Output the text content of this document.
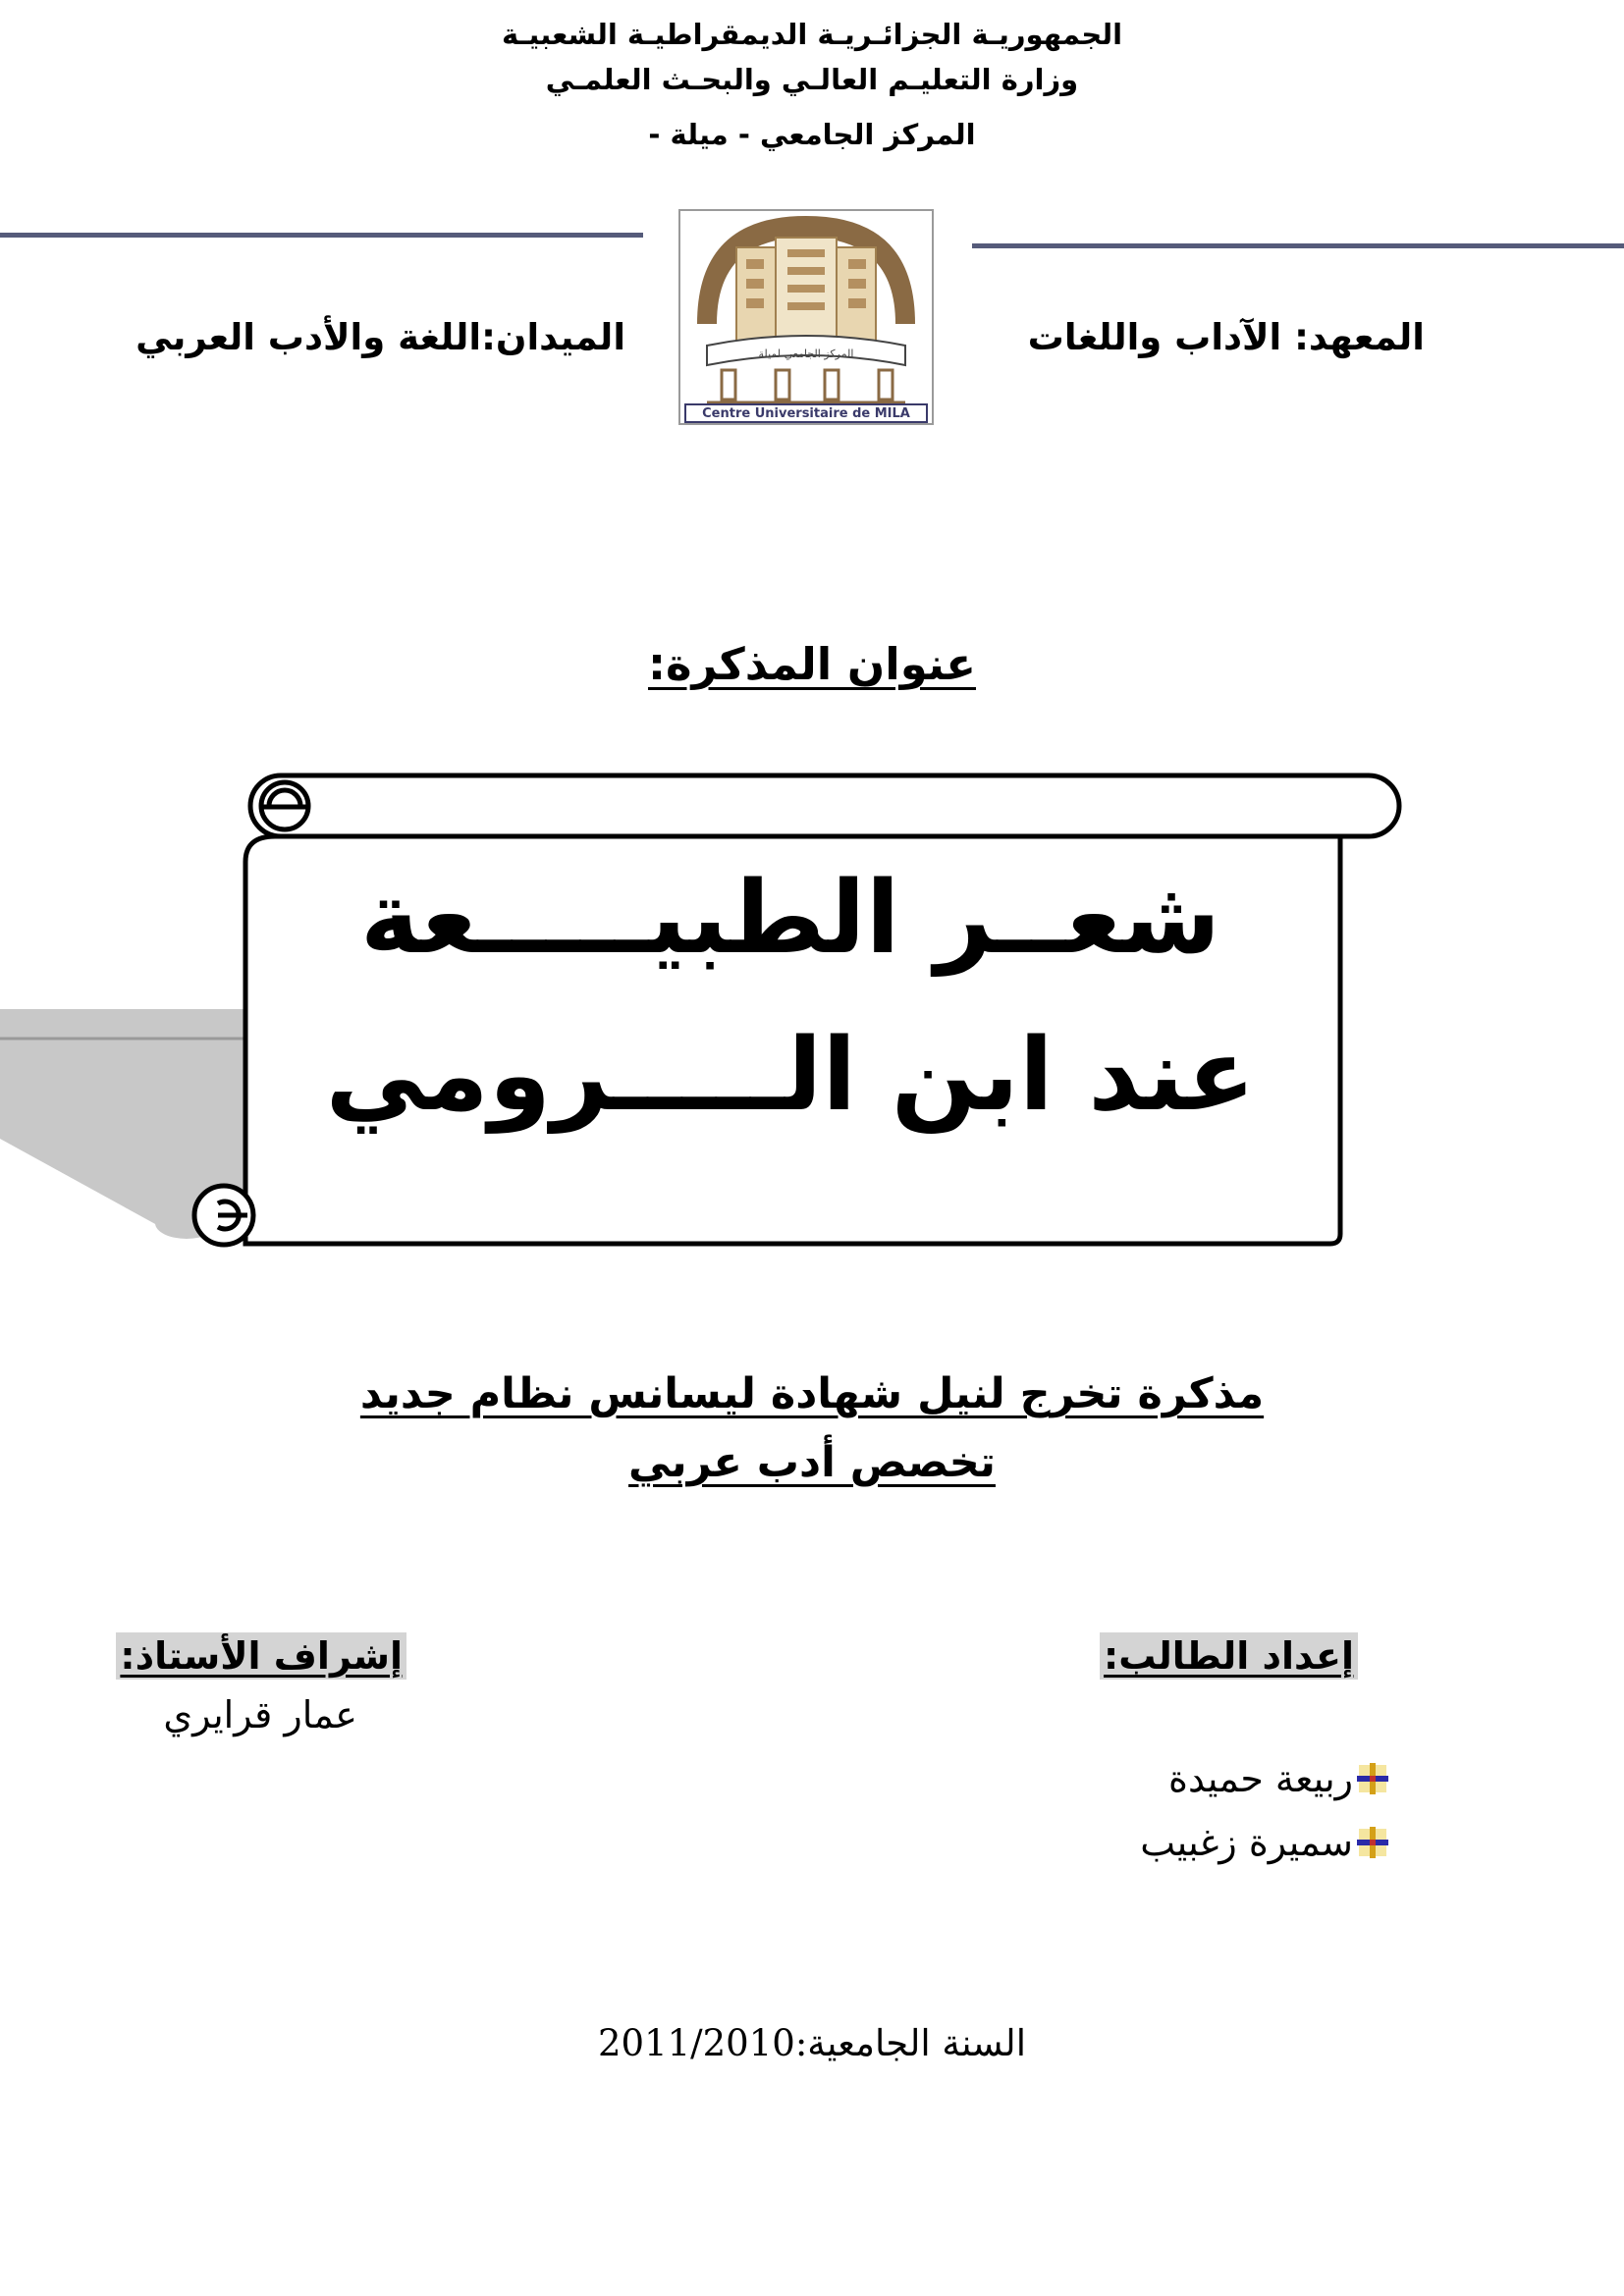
الجمهوريـة الجزائـريـة الديمقراطيـة الشعبيـة
وزارة التعليـم العالـي والبحـث العلمـي
المركز الجامعي - ميلة -
المركز الجامعي لميلة
Centre Universitaire de MILA
المعهد: الآداب واللغات
الميدان:اللغة والأدب العربي
عنوان المذكرة:
شعــر الطبيـــــعة
عند ابن الـــــرومي
مذكرة تخرج لنيل شهادة ليسانس نظام جديد
تخصص أدب عربي
إعداد الطالب:
إشراف الأستاذ:
عمار قرايري
ربيعة حميدة
سميرة زغبيب
السنة الجامعية:2011/2010
